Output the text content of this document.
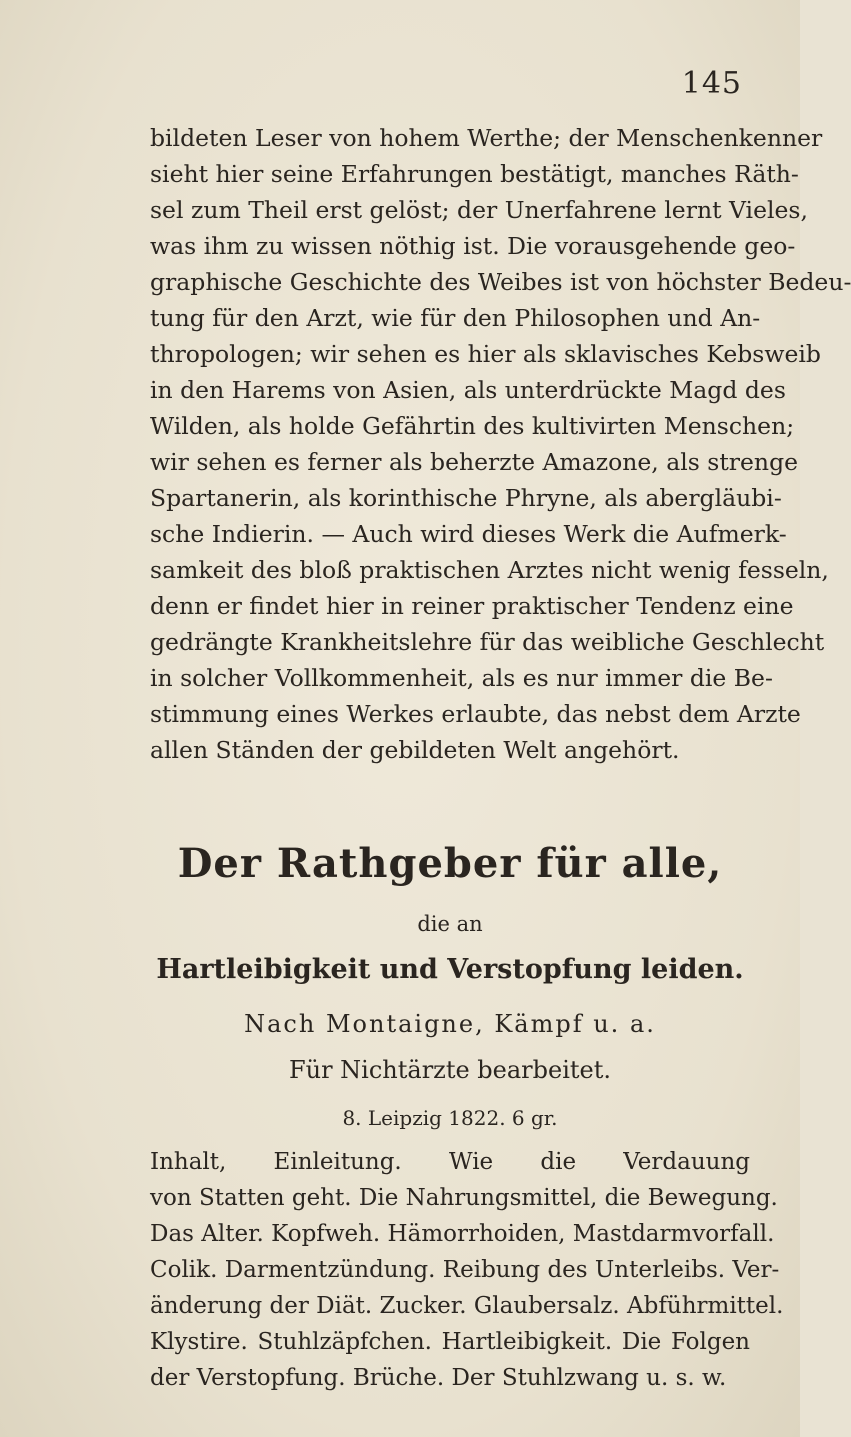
145
bildeten Leser von hohem Werthe; der Menschenkenner
sieht hier seine Erfahrungen bestätigt, manches Räth-
sel zum Theil erst gelöst; der Unerfahrene lernt Vieles,
was ihm zu wissen nöthig ist. Die vorausgehende geo-
graphische Geschichte des Weibes ist von höchster Bedeu-
tung für den Arzt, wie für den Philosophen und An-
thropologen; wir sehen es hier als sklavisches Kebsweib
in den Harems von Asien, als unterdrückte Magd des
Wilden, als holde Gefährtin des kultivirten Menschen;
wir sehen es ferner als beherzte Amazone, als strenge
Spartanerin, als korinthische Phryne, als abergläubi-
sche Indierin. — Auch wird dieses Werk die Aufmerk-
samkeit des bloß praktischen Arztes nicht wenig fesseln,
denn er findet hier in reiner praktischer Tendenz eine
gedrängte Krankheitslehre für das weibliche Geschlecht
in solcher Vollkommenheit, als es nur immer die Be-
stimmung eines Werkes erlaubte, das nebst dem Arzte
allen Ständen der gebildeten Welt angehört.
Der Rathgeber für alle,
die an
Hartleibigkeit und Verstopfung leiden.
Nach Montaigne, Kämpf u. a.
Für Nichtärzte bearbeitet.
8. Leipzig 1822. 6 gr.
Inhalt, Einleitung. Wie die Verdauung
von Statten geht. Die Nahrungsmittel, die Bewegung.
Das Alter. Kopfweh. Hämorrhoiden, Mastdarmvorfall.
Colik. Darmentzündung. Reibung des Unterleibs. Ver-
änderung der Diät. Zucker. Glaubersalz. Abführmittel.
Klystire. Stuhlzäpfchen. Hartleibigkeit. Die Folgen
der Verstopfung. Brüche. Der Stuhlzwang u. s. w.
